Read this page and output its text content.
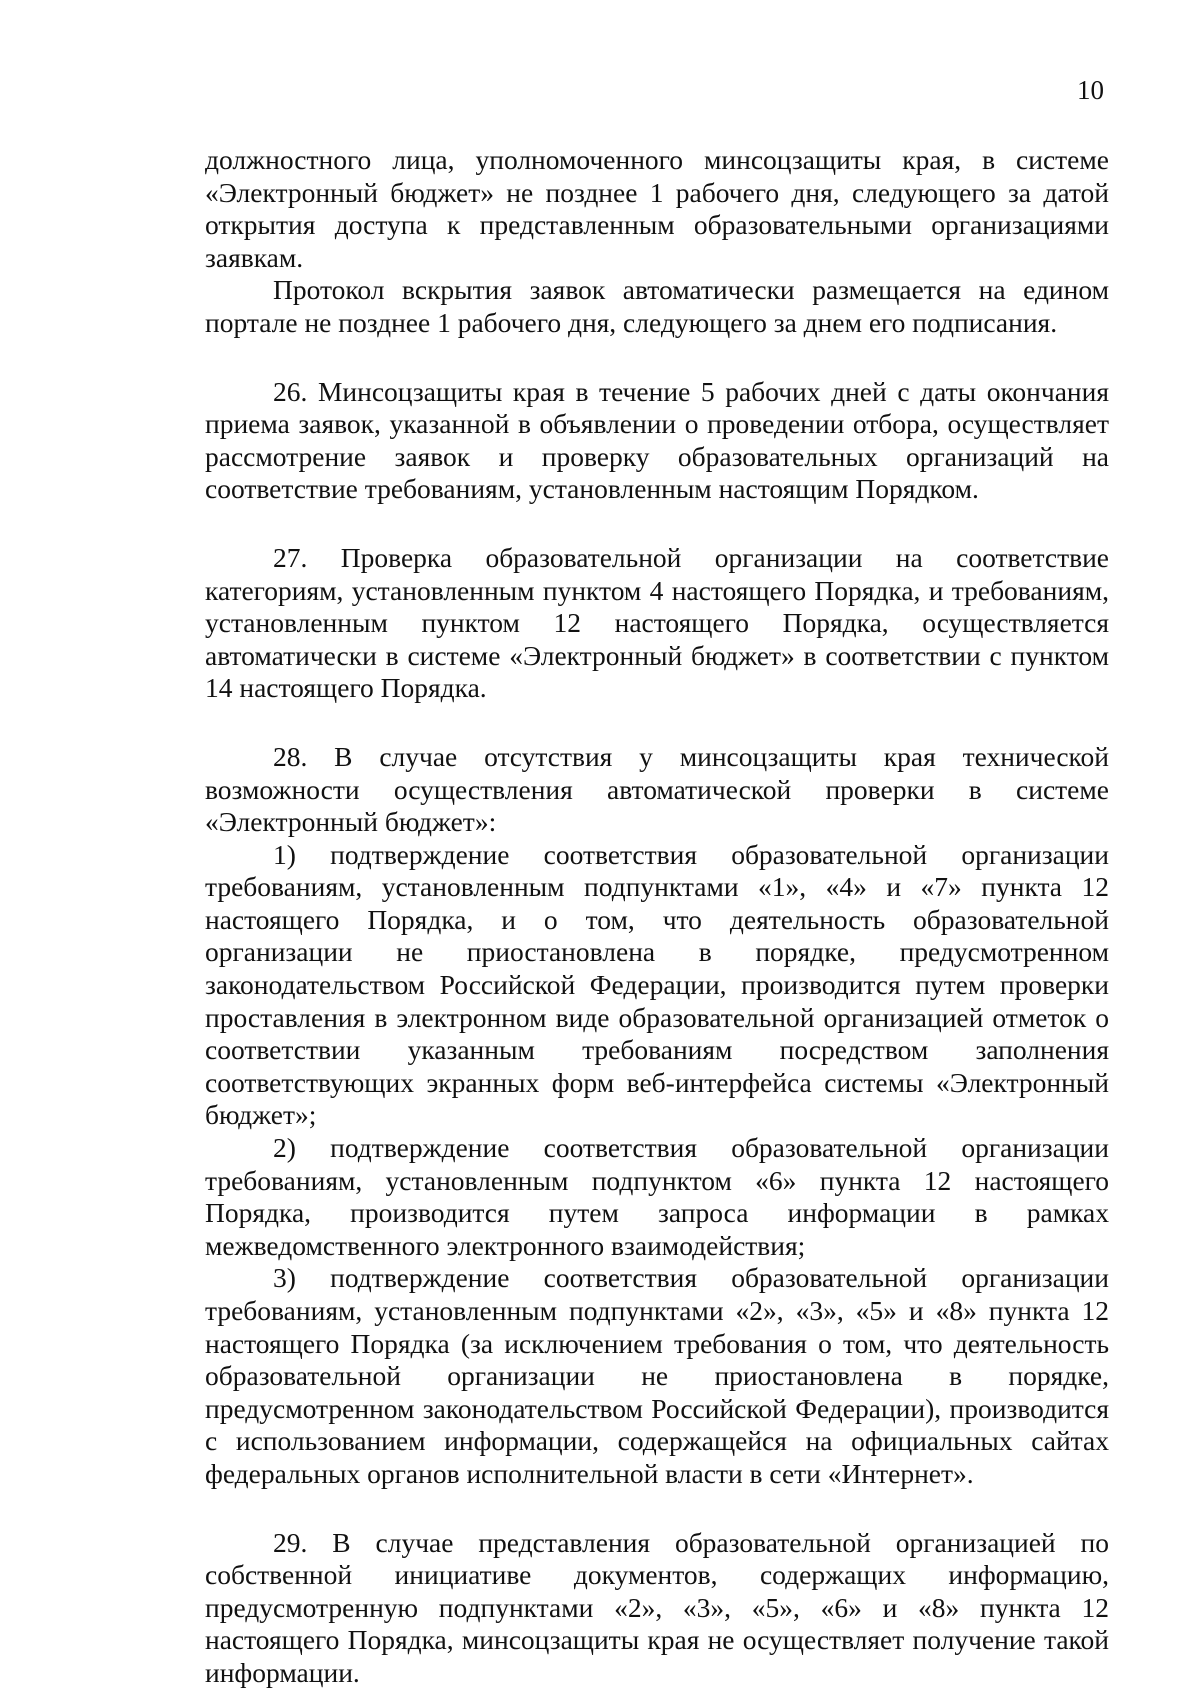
10

должностного лица, уполномоченного минсоцзащиты края, в системе «Электронный бюджет» не позднее 1 рабочего дня, следующего за датой открытия доступа к представленным образовательными организациями заявкам.

Протокол вскрытия заявок автоматически размещается на едином портале не позднее 1 рабочего дня, следующего за днем его подписания.

26. Минсоцзащиты края в течение 5 рабочих дней с даты окончания приема заявок, указанной в объявлении о проведении отбора, осуществляет рассмотрение заявок и проверку образовательных организаций на соответствие требованиям, установленным настоящим Порядком.

27. Проверка образовательной организации на соответствие категориям, установленным пунктом 4 настоящего Порядка, и требованиям, установленным пунктом 12 настоящего Порядка, осуществляется автоматически в системе «Электронный бюджет» в соответствии с пунктом 14 настоящего Порядка.

28. В случае отсутствия у минсоцзащиты края технической возможности осуществления автоматической проверки в системе «Электронный бюджет»:

1) подтверждение соответствия образовательной организации требованиям, установленным подпунктами «1», «4» и «7» пункта 12 настоящего Порядка, и о том, что деятельность образовательной организации не приостановлена в порядке, предусмотренном законодательством Российской Федерации, производится путем проверки проставления в электронном виде образовательной организацией отметок о соответствии указанным требованиям посредством заполнения соответствующих экранных форм веб-интерфейса системы «Электронный бюджет»;

2) подтверждение соответствия образовательной организации требованиям, установленным подпунктом «6» пункта 12 настоящего Порядка, производится путем запроса информации в рамках межведомственного электронного взаимодействия;

3) подтверждение соответствия образовательной организации требованиям, установленным подпунктами «2», «3», «5» и «8» пункта 12 настоящего Порядка (за исключением требования о том, что деятельность образовательной организации не приостановлена в порядке, предусмотренном законодательством Российской Федерации), производится с использованием информации, содержащейся на официальных сайтах федеральных органов исполнительной власти в сети «Интернет».

29. В случае представления образовательной организацией по собственной инициативе документов, содержащих информацию, предусмотренную подпунктами «2», «3», «5», «6» и «8» пункта 12 настоящего Порядка, минсоцзащиты края не осуществляет получение такой информации.
